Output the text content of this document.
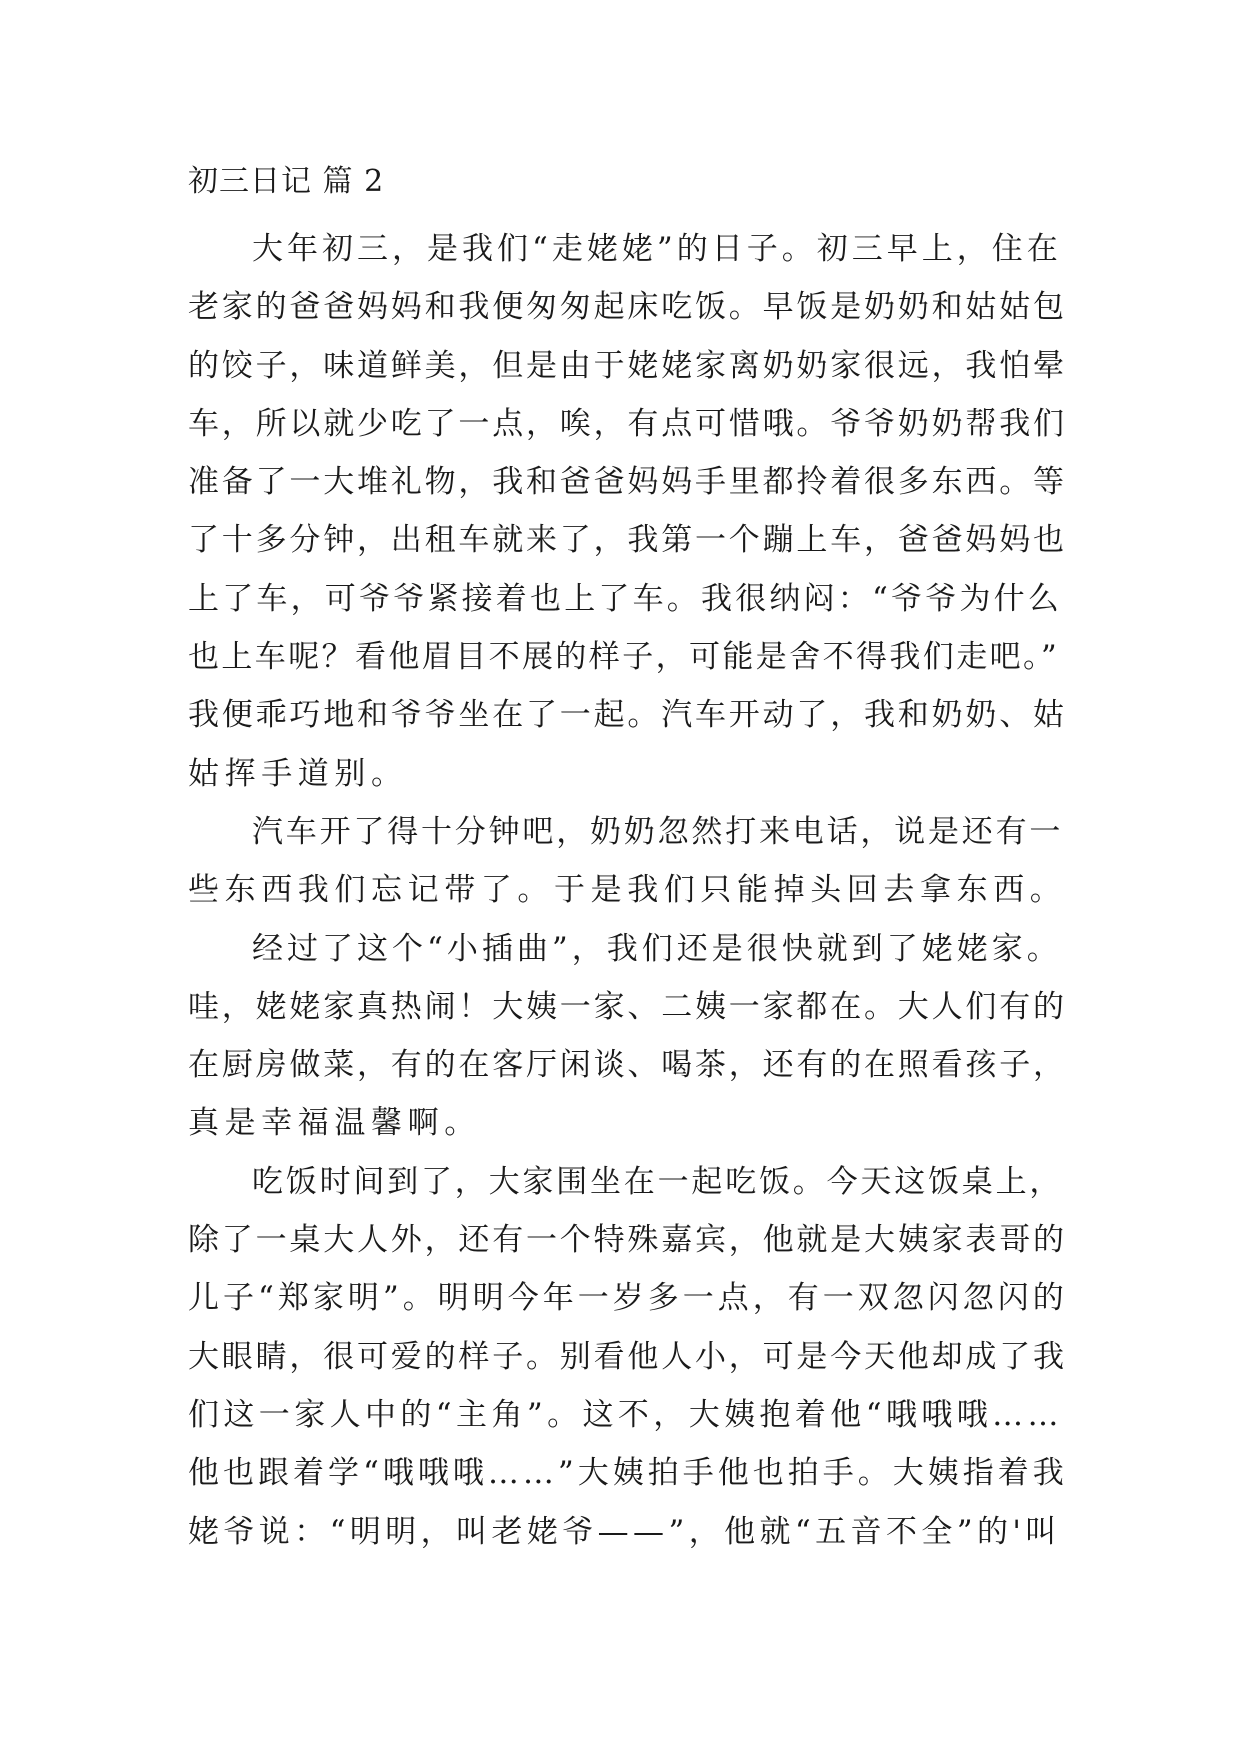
初三日记 篇 2
大年初三，是我们“走姥姥”的日子。初三早上，住在
老家的爸爸妈妈和我便匆匆起床吃饭。早饭是奶奶和姑姑包
的饺子，味道鲜美，但是由于姥姥家离奶奶家很远，我怕晕
车，所以就少吃了一点，唉，有点可惜哦。爷爷奶奶帮我们
准备了一大堆礼物，我和爸爸妈妈手里都拎着很多东西。等
了十多分钟，出租车就来了，我第一个蹦上车，爸爸妈妈也
上了车，可爷爷紧接着也上了车。我很纳闷：“爷爷为什么
也上车呢？看他眉目不展的样子，可能是舍不得我们走吧。”
我便乖巧地和爷爷坐在了一起。汽车开动了，我和奶奶、姑
姑挥手道别。
汽车开了得十分钟吧，奶奶忽然打来电话，说是还有一
些东西我们忘记带了。于是我们只能掉头回去拿东西。
经过了这个“小插曲”，我们还是很快就到了姥姥家。
哇，姥姥家真热闹！大姨一家、二姨一家都在。大人们有的
在厨房做菜，有的在客厅闲谈、喝茶，还有的在照看孩子，
真是幸福温馨啊。
吃饭时间到了，大家围坐在一起吃饭。今天这饭桌上，
除了一桌大人外，还有一个特殊嘉宾，他就是大姨家表哥的
儿子“郑家明”。明明今年一岁多一点，有一双忽闪忽闪的
大眼睛，很可爱的样子。别看他人小，可是今天他却成了我
们这一家人中的“主角”。这不，大姨抱着他“哦哦哦……
他也跟着学“哦哦哦……”大姨拍手他也拍手。大姨指着我
姥爷说：“明明，叫老姥爷——”，他就“五音不全”的'叫
